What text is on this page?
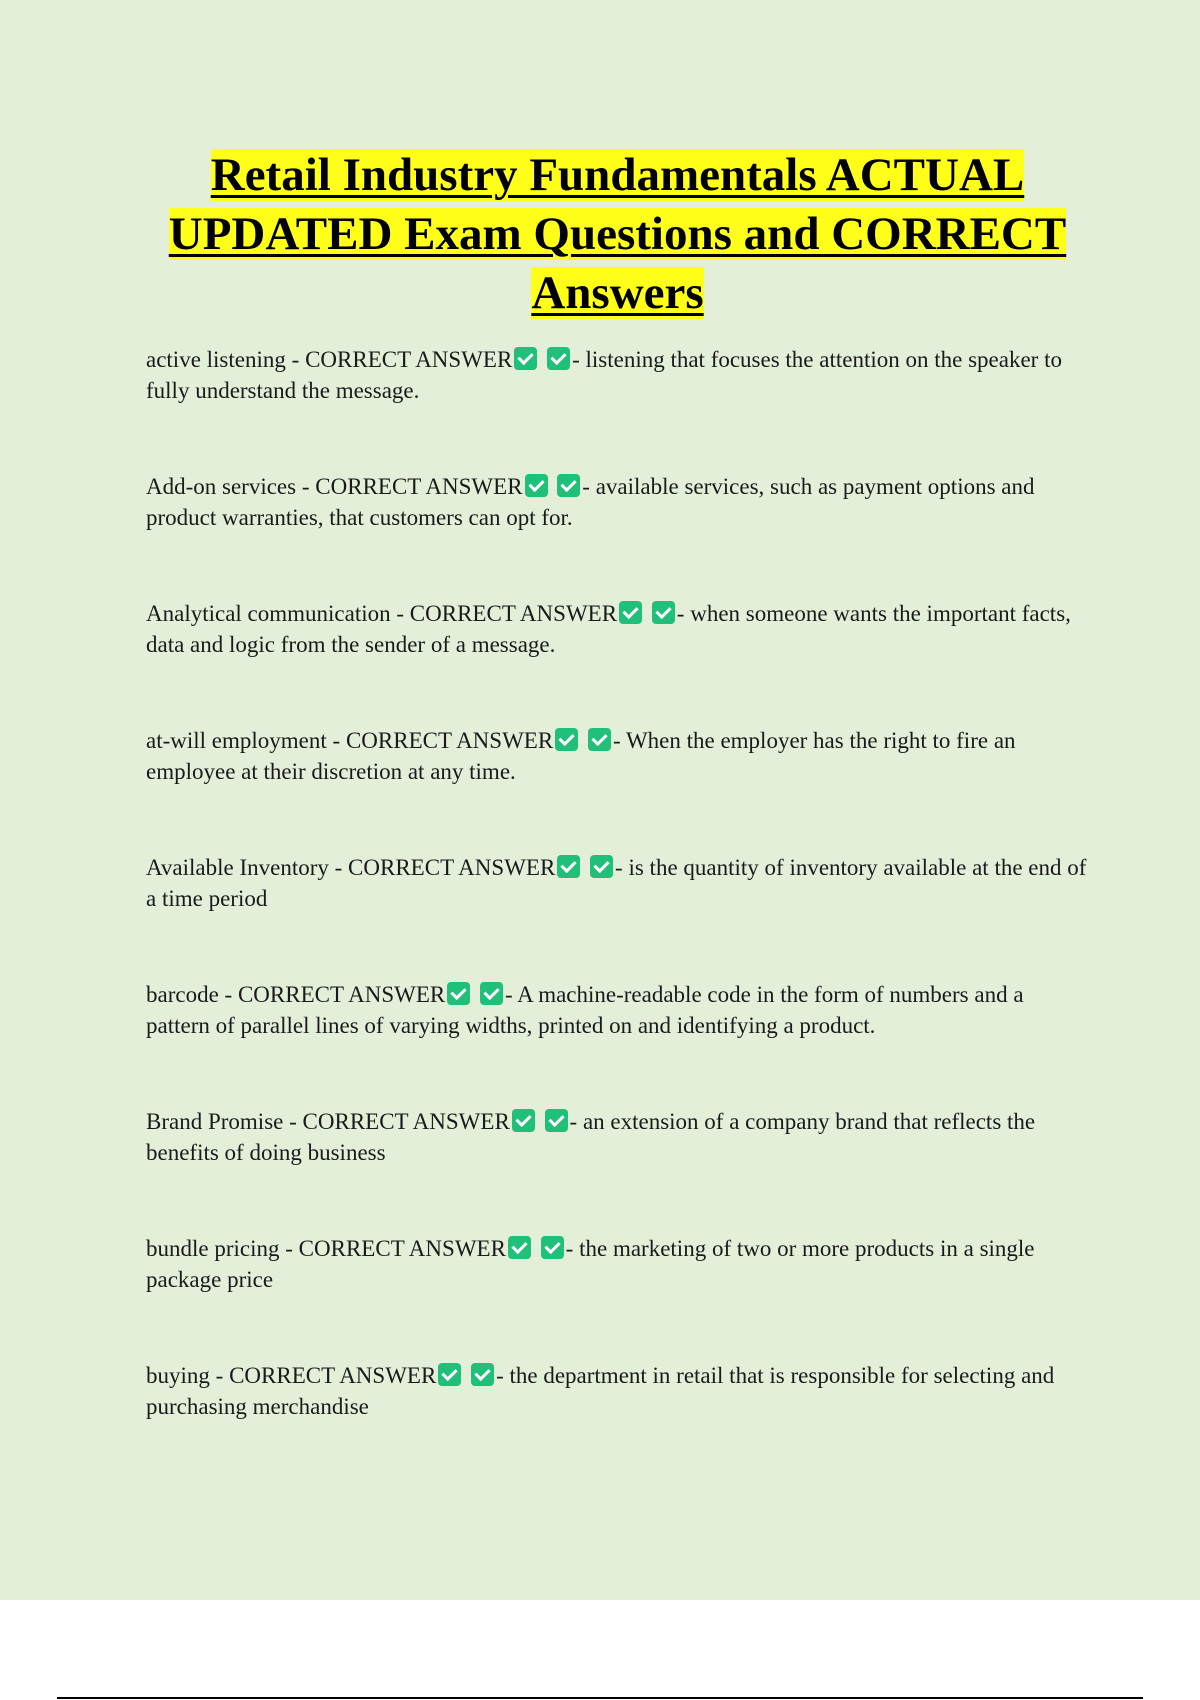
Retail Industry Fundamentals ACTUAL UPDATED Exam Questions and CORRECT Answers

active listening - CORRECT ANSWER	- listening that focuses the attention on the speaker to fully understand the message.

Add-on services - CORRECT ANSWER	- available services, such as payment options and product warranties, that customers can opt for.

Analytical communication - CORRECT ANSWER	- when someone wants the important facts, data and logic from the sender of a message.

at-will employment - CORRECT ANSWER	- When the employer has the right to fire an employee at their discretion at any time.

Available Inventory - CORRECT ANSWER	- is the quantity of inventory available at the end of a time period

barcode - CORRECT ANSWER	- A machine-readable code in the form of numbers and a pattern of parallel lines of varying widths, printed on and identifying a product.

Brand Promise - CORRECT ANSWER	- an extension of a company brand that reflects the benefits of doing business

bundle pricing - CORRECT ANSWER	- the marketing of two or more products in a single package price

buying - CORRECT ANSWER	- the department in retail that is responsible for selecting and purchasing merchandise
